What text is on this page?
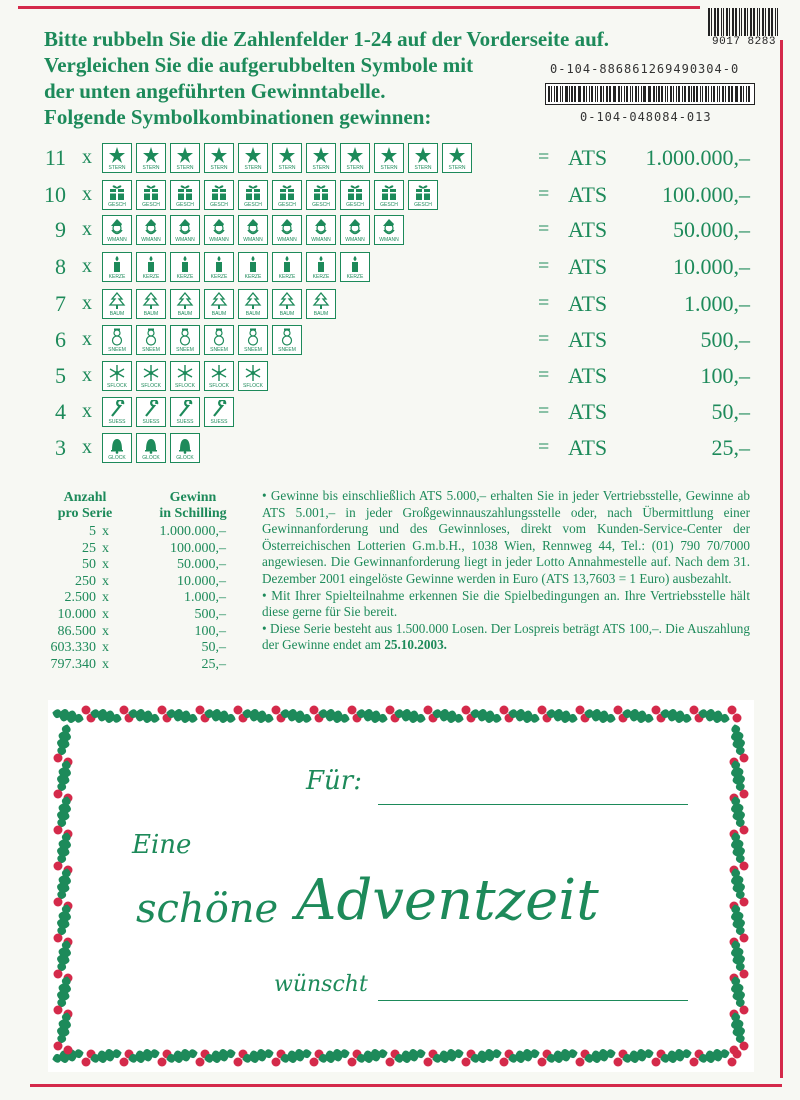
Bitte rubbeln Sie die Zahlenfelder 1-24 auf der Vorderseite auf.
Vergleichen Sie die aufgerubbelten Symbole mit
der unten angeführten Gewinntabelle.
Folgende Symbolkombinationen gewinnen:
9017 8283
0-104-886861269490304-0
0-104-048084-013
11 x	STERN	STERN	STERN	STERN	STERN	STERN	STERN	STERN	STERN	STERN	STERN	= ATS	1.000.000,–
10 x	GESCH	GESCH	GESCH	GESCH	GESCH	GESCH	GESCH	GESCH	GESCH	GESCH	= ATS	100.000,–
9 x	WMANN	WMANN	WMANN	WMANN	WMANN	WMANN	WMANN	WMANN	WMANN	= ATS	50.000,–
8 x	KERZE	KERZE	KERZE	KERZE	KERZE	KERZE	KERZE	KERZE	= ATS	10.000,–
7 x	BAUM	BAUM	BAUM	BAUM	BAUM	BAUM	BAUM	= ATS	1.000,–
6 x	SNEEM	SNEEM	SNEEM	SNEEM	SNEEM	SNEEM	= ATS	500,–
5 x	SFLOCK	SFLOCK	SFLOCK	SFLOCK	SFLOCK	= ATS	100,–
4 x	SUESS	SUESS	SUESS	SUESS	= ATS	50,–
3 x	GLOCK	GLOCK	GLOCK	= ATS	25,–
Anzahl
pro Serie
Gewinn
in Schilling
5 x	1.000.000,–
25 x	100.000,–
50 x	50.000,–
250 x	10.000,–
2.500 x	1.000,–
10.000 x	500,–
86.500 x	100,–
603.330 x	50,–
797.340 x	25,–

• Gewinne bis einschließlich ATS 5.000,– erhalten Sie in jeder Vertriebsstelle, Gewinne ab ATS 5.001,– in jeder Großgewinnauszahlungsstelle oder, nach Übermittlung einer Gewinnanforderung und des Gewinnloses, direkt vom Kunden-Service-Center der Österreichischen Lotterien G.m.b.H., 1038 Wien, Rennweg 44, Tel.: (01) 790 70/7000 angewiesen. Die Gewinnanforderung liegt in jeder Lotto Annahmestelle auf. Nach dem 31. Dezember 2001 eingelöste Gewinne werden in Euro (ATS 13,7603 = 1 Euro) ausbezahlt.

• Mit Ihrer Spielteilnahme erkennen Sie die Spielbedingungen an. Ihre Vertriebsstelle hält diese gerne für Sie bereit.

• Diese Serie besteht aus 1.500.000 Losen. Der Lospreis beträgt ATS 100,–. Die Auszahlung der Gewinne endet am 25.10.2003.

Für:
Eine
schöne Adventzeit
wünscht
